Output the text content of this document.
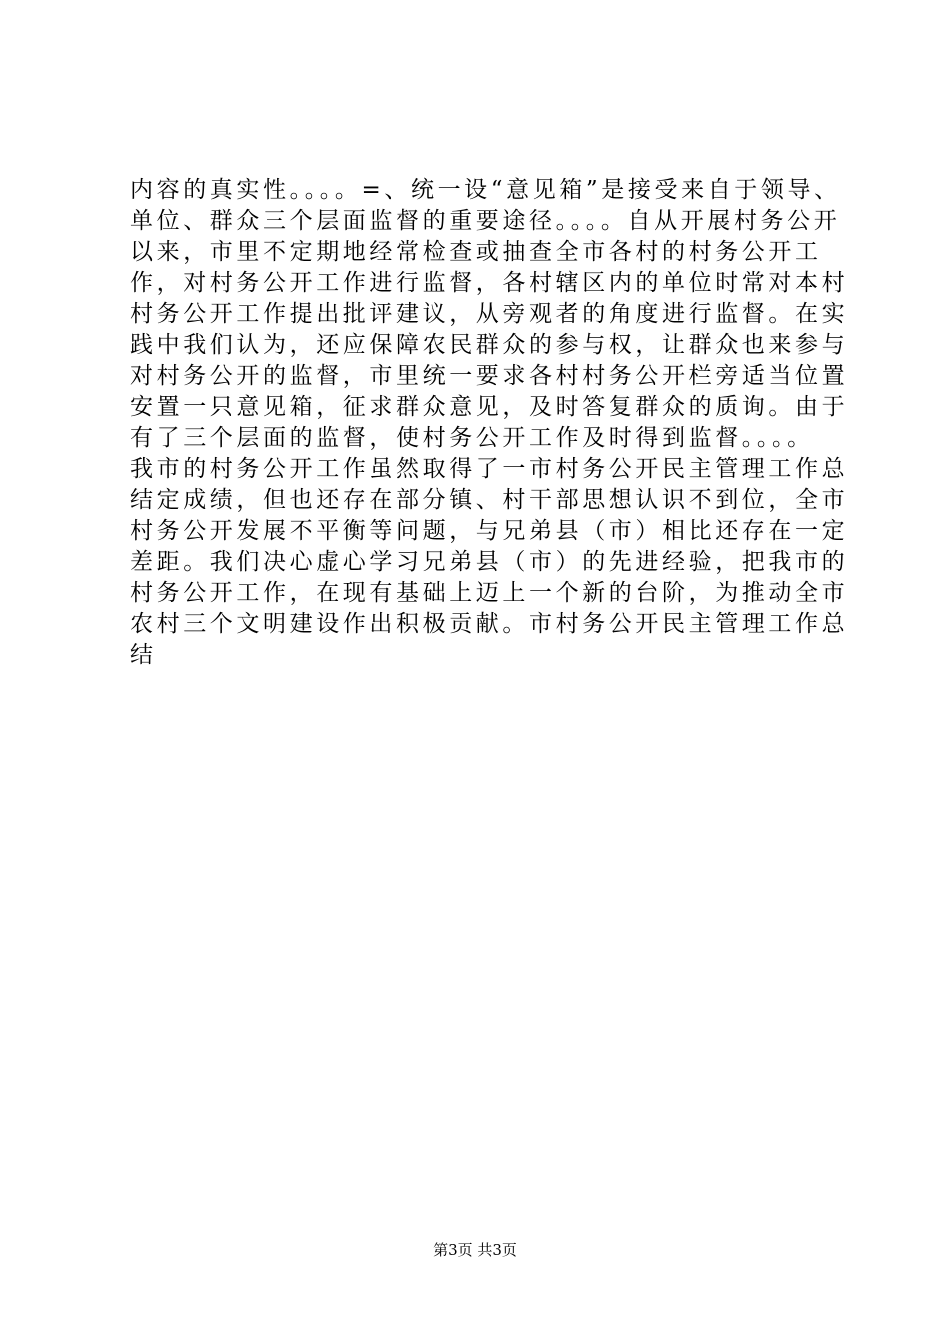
内容的真实性。。。。=、统一设“意见箱”是接受来自于领导、
单位、群众三个层面监督的重要途径。。。。自从开展村务公开
以来，市里不定期地经常检查或抽查全市各村的村务公开工
作，对村务公开工作进行监督，各村辖区内的单位时常对本村
村务公开工作提出批评建议，从旁观者的角度进行监督。在实
践中我们认为，还应保障农民群众的参与权，让群众也来参与
对村务公开的监督，市里统一要求各村村务公开栏旁适当位置
安置一只意见箱，征求群众意见，及时答复群众的质询。由于
有了三个层面的监督，使村务公开工作及时得到监督。。。。
我市的村务公开工作虽然取得了一市村务公开民主管理工作总
结定成绩，但也还存在部分镇、村干部思想认识不到位，全市
村务公开发展不平衡等问题，与兄弟县（市）相比还存在一定
差距。我们决心虚心学习兄弟县（市）的先进经验，把我市的
村务公开工作，在现有基础上迈上一个新的台阶，为推动全市
农村三个文明建设作出积极贡献。市村务公开民主管理工作总
结
第3页 共3页
